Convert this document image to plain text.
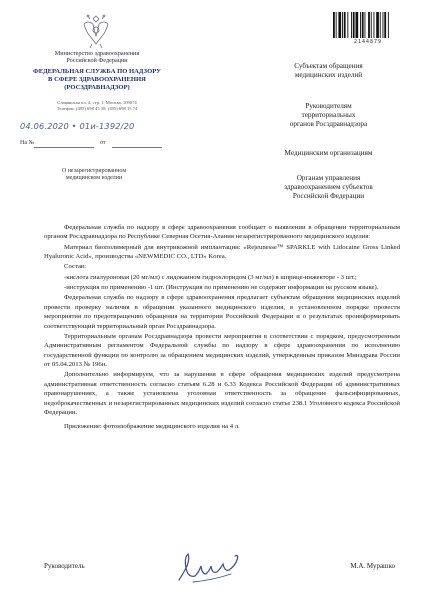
Министерство здравоохранения
Российской Федерации
ФЕДЕРАЛЬНАЯ СЛУЖБА ПО НАДЗОРУ
В СФЕРЕ ЗДРАВООХРАНЕНИЯ
(РОСЗДРАВНАДЗОР)
Славянская пл. 4, стр. 1, Москва, 109074
Телефон: (495) 698 45 38; (495) 698 15 74
04.06.2020 • 01и-1392/20
На №	от
О незарегистрированном
медицинском изделии
2144879
Субъектам обращения
медицинских изделий
Руководителям
территориальных
органов Росздравнадзора
Медицинским организациям
Органам управления
здравоохранением субъектов
Российской Федерации

Федеральная служба по надзору в сфере здравоохранения сообщает о выявлении в обращении территориальным органом Росздравнадзора по Республике Северная Осетия-Алания незарегистрированного медицинского изделия:

Материал биополимерный для внутрикожной имплантации: «Rejeunesse™ SPARKLE with Lidocaine Gross Linked Hyaluronic Acid», производства «NEWMEDIC CO., LTD» Korea.

Состав:

-кислота гиалуроновая (20 мг/мл) с лидокаином гидрохлоридом (3 мг/мл) в шприце-инжекторе - 3 шт.;

-инструкция по применению -1 шт. (Инструкция по применению не содержит информации на русском языке).

Федеральная служба по надзору в сфере здравоохранения предлагает субъектам обращения медицинских изделий провести проверку наличия в обращении указанного медицинского изделия, в установленном порядке провести мероприятия по предотвращению обращения на территории Российской Федерации и о результатах проинформировать соответствующий территориальный орган Росздравнадзора.

Территориальным органам Росздравнадзора провести мероприятия в соответствии с порядком, предусмотренным Административным регламентом Федеральной службы по надзору в сфере здравоохранения по исполнению государственной функции по контролю за обращением медицинских изделий, утвержденным приказом Минздрава России от 05.04.2013 № 196н.

Дополнительно информируем, что за нарушения в сфере обращения медицинских изделий предусмотрена административная ответственность согласно статьям 6.28 и 6.33 Кодекса Российской Федерации об административных правонарушениях, а также установлена уголовная ответственность за обращение фальсифицированных, недоброкачественных и незарегистрированных медицинских изделий согласно статье 238.1 Уголовного кодекса Российской Федерации.

Приложение: фотоизображение медицинского изделия на 4 л.

Руководитель	М.А. Мурашко
